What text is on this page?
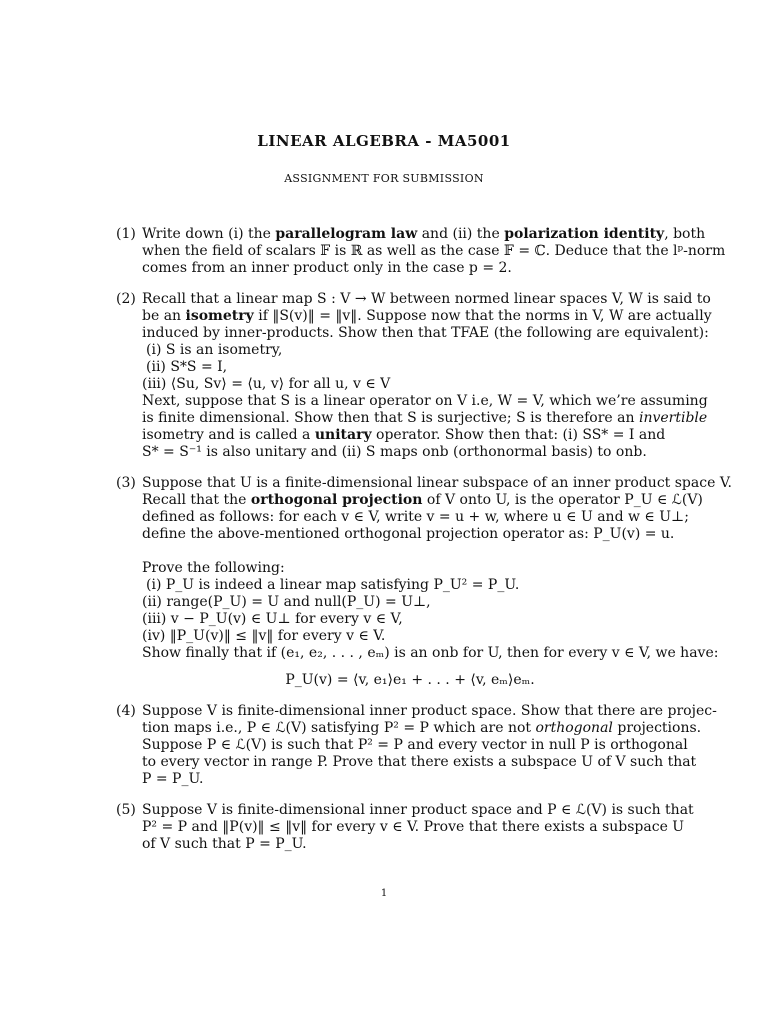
LINEAR ALGEBRA - MA5001
ASSIGNMENT FOR SUBMISSION
(1) Write down (i) the parallelogram law and (ii) the polarization identity, both
when the field of scalars 𝔽 is ℝ as well as the case 𝔽 = ℂ. Deduce that the lᵖ-norm
comes from an inner product only in the case p = 2.
(2) Recall that a linear map S : V → W between normed linear spaces V, W is said to
be an isometry if ‖S(v)‖ = ‖v‖. Suppose now that the norms in V, W are actually
induced by inner-products. Show then that TFAE (the following are equivalent):
(i) S is an isometry,
(ii) S*S = I,
(iii) ⟨Su, Sv⟩ = ⟨u, v⟩ for all u, v ∈ V
Next, suppose that S is a linear operator on V i.e, W = V, which we’re assuming
is finite dimensional. Show then that S is surjective; S is therefore an invertible
isometry and is called a unitary operator. Show then that: (i) SS* = I and
S* = S⁻¹ is also unitary and (ii) S maps onb (orthonormal basis) to onb.
(3) Suppose that U is a finite-dimensional linear subspace of an inner product space V.
Recall that the orthogonal projection of V onto U, is the operator P_U ∈ ℒ(V)
defined as follows: for each v ∈ V, write v = u + w, where u ∈ U and w ∈ U⊥;
define the above-mentioned orthogonal projection operator as: P_U(v) = u.
Prove the following:
(i) P_U is indeed a linear map satisfying P_U² = P_U.
(ii) range(P_U) = U and null(P_U) = U⊥,
(iii) v − P_U(v) ∈ U⊥ for every v ∈ V,
(iv) ‖P_U(v)‖ ≤ ‖v‖ for every v ∈ V.
Show finally that if (e₁, e₂, . . . , eₘ) is an onb for U, then for every v ∈ V, we have:
P_U(v) = ⟨v, e₁⟩e₁ + . . . + ⟨v, eₘ⟩eₘ.
(4) Suppose V is finite-dimensional inner product space. Show that there are projec-
tion maps i.e., P ∈ ℒ(V) satisfying P² = P which are not orthogonal projections.
Suppose P ∈ ℒ(V) is such that P² = P and every vector in null P is orthogonal
to every vector in range P. Prove that there exists a subspace U of V such that
P = P_U.
(5) Suppose V is finite-dimensional inner product space and P ∈ ℒ(V) is such that
P² = P and ‖P(v)‖ ≤ ‖v‖ for every v ∈ V. Prove that there exists a subspace U
of V such that P = P_U.
1
